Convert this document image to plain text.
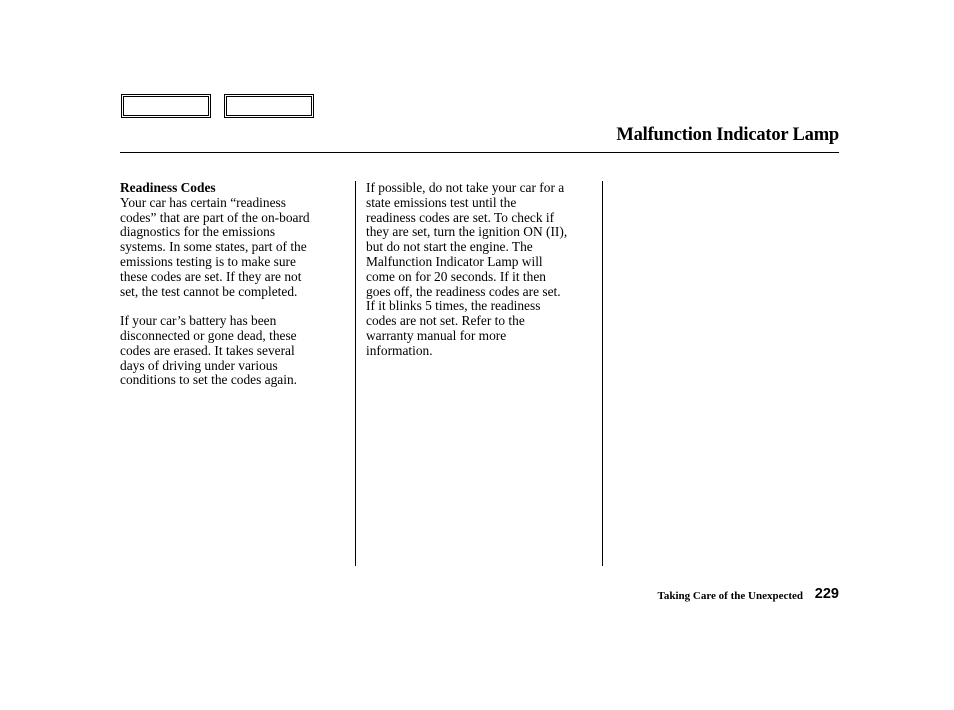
Malfunction Indicator Lamp

Readiness Codes

Your car has certain “readiness

codes” that are part of the on-board

diagnostics for the emissions

systems. In some states, part of the

emissions testing is to make sure

these codes are set. If they are not

set, the test cannot be completed.

If your car’s battery has been

disconnected or gone dead, these

codes are erased. It takes several

days of driving under various

conditions to set the codes again.

If possible, do not take your car for a

state emissions test until the

readiness codes are set. To check if

they are set, turn the ignition ON (II),

but do not start the engine. The

Malfunction Indicator Lamp will

come on for 20 seconds. If it then

goes off, the readiness codes are set.

If it blinks 5 times, the readiness

codes are not set. Refer to the

warranty manual for more

information.

Taking Care of the Unexpected 229
